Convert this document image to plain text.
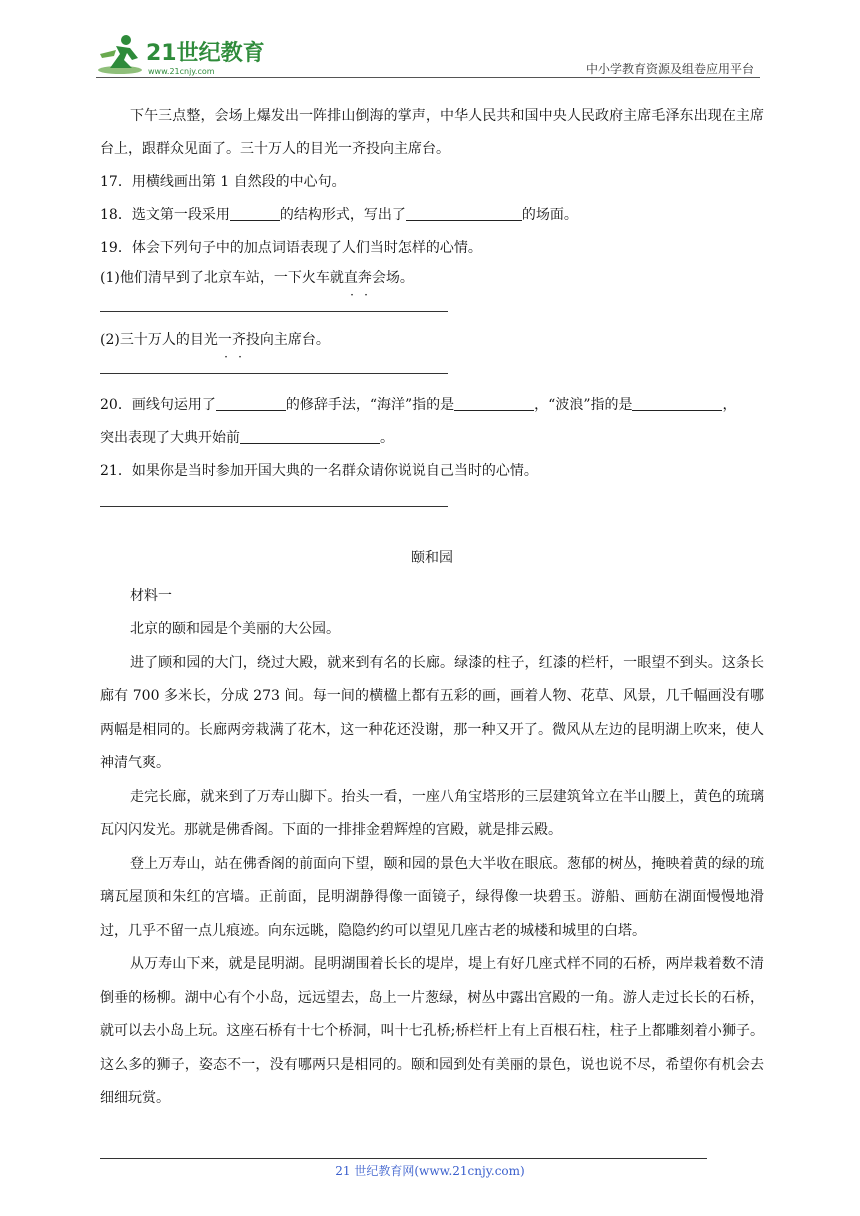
21世纪教育
www.21cnjy.com	中小学教育资源及组卷应用平台

下午三点整，会场上爆发出一阵排山倒海的掌声，中华人民共和国中央人民政府主席毛泽东出现在主席台上，跟群众见面了。三十万人的目光一齐投向主席台。

17．用横线画出第 1 自然段的中心句。

18．选文第一段采用	的结构形式，写出了	的场面。

19．体会下列句子中的加点词语表现了人们当时怎样的心情。

(1)他们清早到了北京车站，一下火车就直奔会场。

(2)三十万人的目光一齐投向主席台。

20．画线句运用了	的修辞手法，“海洋”指的是	，“波浪”指的是	，
突出表现了大典开始前	。

21．如果你是当时参加开国大典的一名群众请你说说自己当时的心情。

颐和园

材料一

北京的颐和园是个美丽的大公园。

进了顾和园的大门，绕过大殿，就来到有名的长廊。绿漆的柱子，红漆的栏杆，一眼望不到头。这条长廊有 700 多米长，分成 273 间。每一间的横楹上都有五彩的画，画着人物、花草、风景，几千幅画没有哪两幅是相同的。长廊两旁栽满了花木，这一种花还没谢，那一种又开了。微风从左边的昆明湖上吹来，使人神清气爽。

走完长廊，就来到了万寿山脚下。抬头一看，一座八角宝塔形的三层建筑耸立在半山腰上，黄色的琉璃瓦闪闪发光。那就是佛香阁。下面的一排排金碧辉煌的宫殿，就是排云殿。

登上万寿山，站在佛香阁的前面向下望，颐和园的景色大半收在眼底。葱郁的树丛，掩映着黄的绿的琉璃瓦屋顶和朱红的宫墙。正前面，昆明湖静得像一面镜子，绿得像一块碧玉。游船、画舫在湖面慢慢地滑过，几乎不留一点儿痕迹。向东远眺，隐隐约约可以望见几座古老的城楼和城里的白塔。

从万寿山下来，就是昆明湖。昆明湖围着长长的堤岸，堤上有好几座式样不同的石桥，两岸栽着数不清倒垂的杨柳。湖中心有个小岛，远远望去，岛上一片葱绿，树丛中露出宫殿的一角。游人走过长长的石桥，就可以去小岛上玩。这座石桥有十七个桥洞，叫十七孔桥;桥栏杆上有上百根石柱，柱子上都雕刻着小狮子。这么多的狮子，姿态不一，没有哪两只是相同的。颐和园到处有美丽的景色，说也说不尽，希望你有机会去细细玩赏。

21 世纪教育网(www.21cnjy.com)
